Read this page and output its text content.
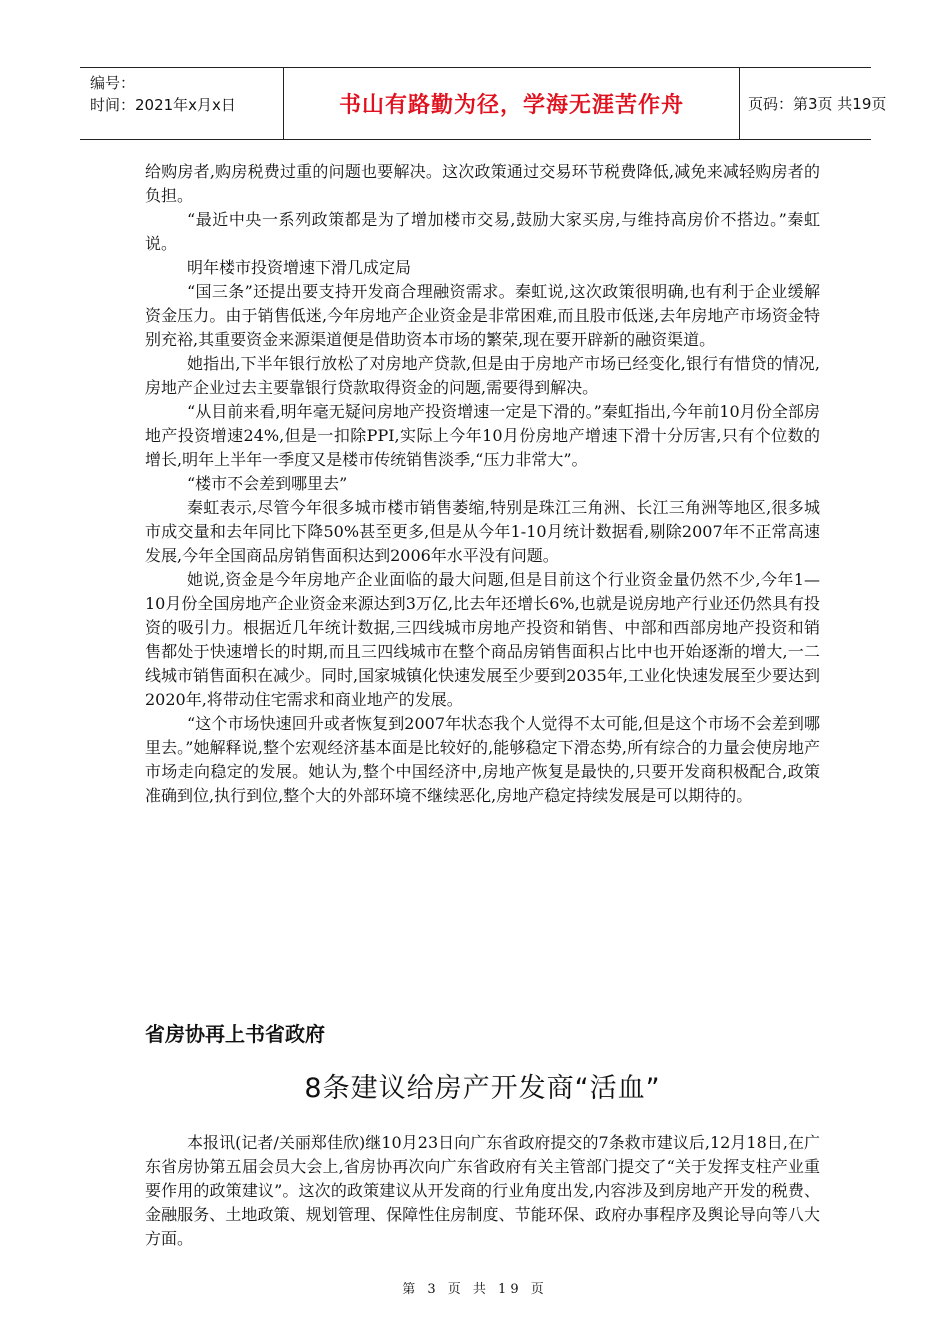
编号：
时间：2021年x月x日	书山有路勤为径，学海无涯苦作舟	页码：第3页 共19页

给购房者,购房税费过重的问题也要解决。这次政策通过交易环节税费降低,减免来减轻购房者的负担。

“最近中央一系列政策都是为了增加楼市交易,鼓励大家买房,与维持高房价不搭边。”秦虹说。

明年楼市投资增速下滑几成定局

“国三条”还提出要支持开发商合理融资需求。秦虹说,这次政策很明确,也有利于企业缓解资金压力。由于销售低迷,今年房地产企业资金是非常困难,而且股市低迷,去年房地产市场资金特别充裕,其重要资金来源渠道便是借助资本市场的繁荣,现在要开辟新的融资渠道。

她指出,下半年银行放松了对房地产贷款,但是由于房地产市场已经变化,银行有惜贷的情况,房地产企业过去主要靠银行贷款取得资金的问题,需要得到解决。

“从目前来看,明年毫无疑问房地产投资增速一定是下滑的。”秦虹指出,今年前10月份全部房地产投资增速24%,但是一扣除PPI,实际上今年10月份房地产增速下滑十分厉害,只有个位数的增长,明年上半年一季度又是楼市传统销售淡季,“压力非常大”。

“楼市不会差到哪里去”

秦虹表示,尽管今年很多城市楼市销售萎缩,特别是珠江三角洲、长江三角洲等地区,很多城市成交量和去年同比下降50%甚至更多,但是从今年1-10月统计数据看,剔除2007年不正常高速发展,今年全国商品房销售面积达到2006年水平没有问题。

她说,资金是今年房地产企业面临的最大问题,但是目前这个行业资金量仍然不少,今年1—10月份全国房地产企业资金来源达到3万亿,比去年还增长6%,也就是说房地产行业还仍然具有投资的吸引力。根据近几年统计数据,三四线城市房地产投资和销售、中部和西部房地产投资和销售都处于快速增长的时期,而且三四线城市在整个商品房销售面积占比中也开始逐渐的增大,一二线城市销售面积在减少。同时,国家城镇化快速发展至少要到2035年,工业化快速发展至少要达到2020年,将带动住宅需求和商业地产的发展。

“这个市场快速回升或者恢复到2007年状态我个人觉得不太可能,但是这个市场不会差到哪里去。”她解释说,整个宏观经济基本面是比较好的,能够稳定下滑态势,所有综合的力量会使房地产市场走向稳定的发展。她认为,整个中国经济中,房地产恢复是最快的,只要开发商积极配合,政策准确到位,执行到位,整个大的外部环境不继续恶化,房地产稳定持续发展是可以期待的。

省房协再上书省政府
8条建议给房产开发商“活血”

本报讯(记者/关丽郑佳欣)继10月23日向广东省政府提交的7条救市建议后,12月18日,在广东省房协第五届会员大会上,省房协再次向广东省政府有关主管部门提交了“关于发挥支柱产业重要作用的政策建议”。这次的政策建议从开发商的行业角度出发,内容涉及到房地产开发的税费、金融服务、土地政策、规划管理、保障性住房制度、节能环保、政府办事程序及舆论导向等八大方面。

第 3 页 共 19 页
